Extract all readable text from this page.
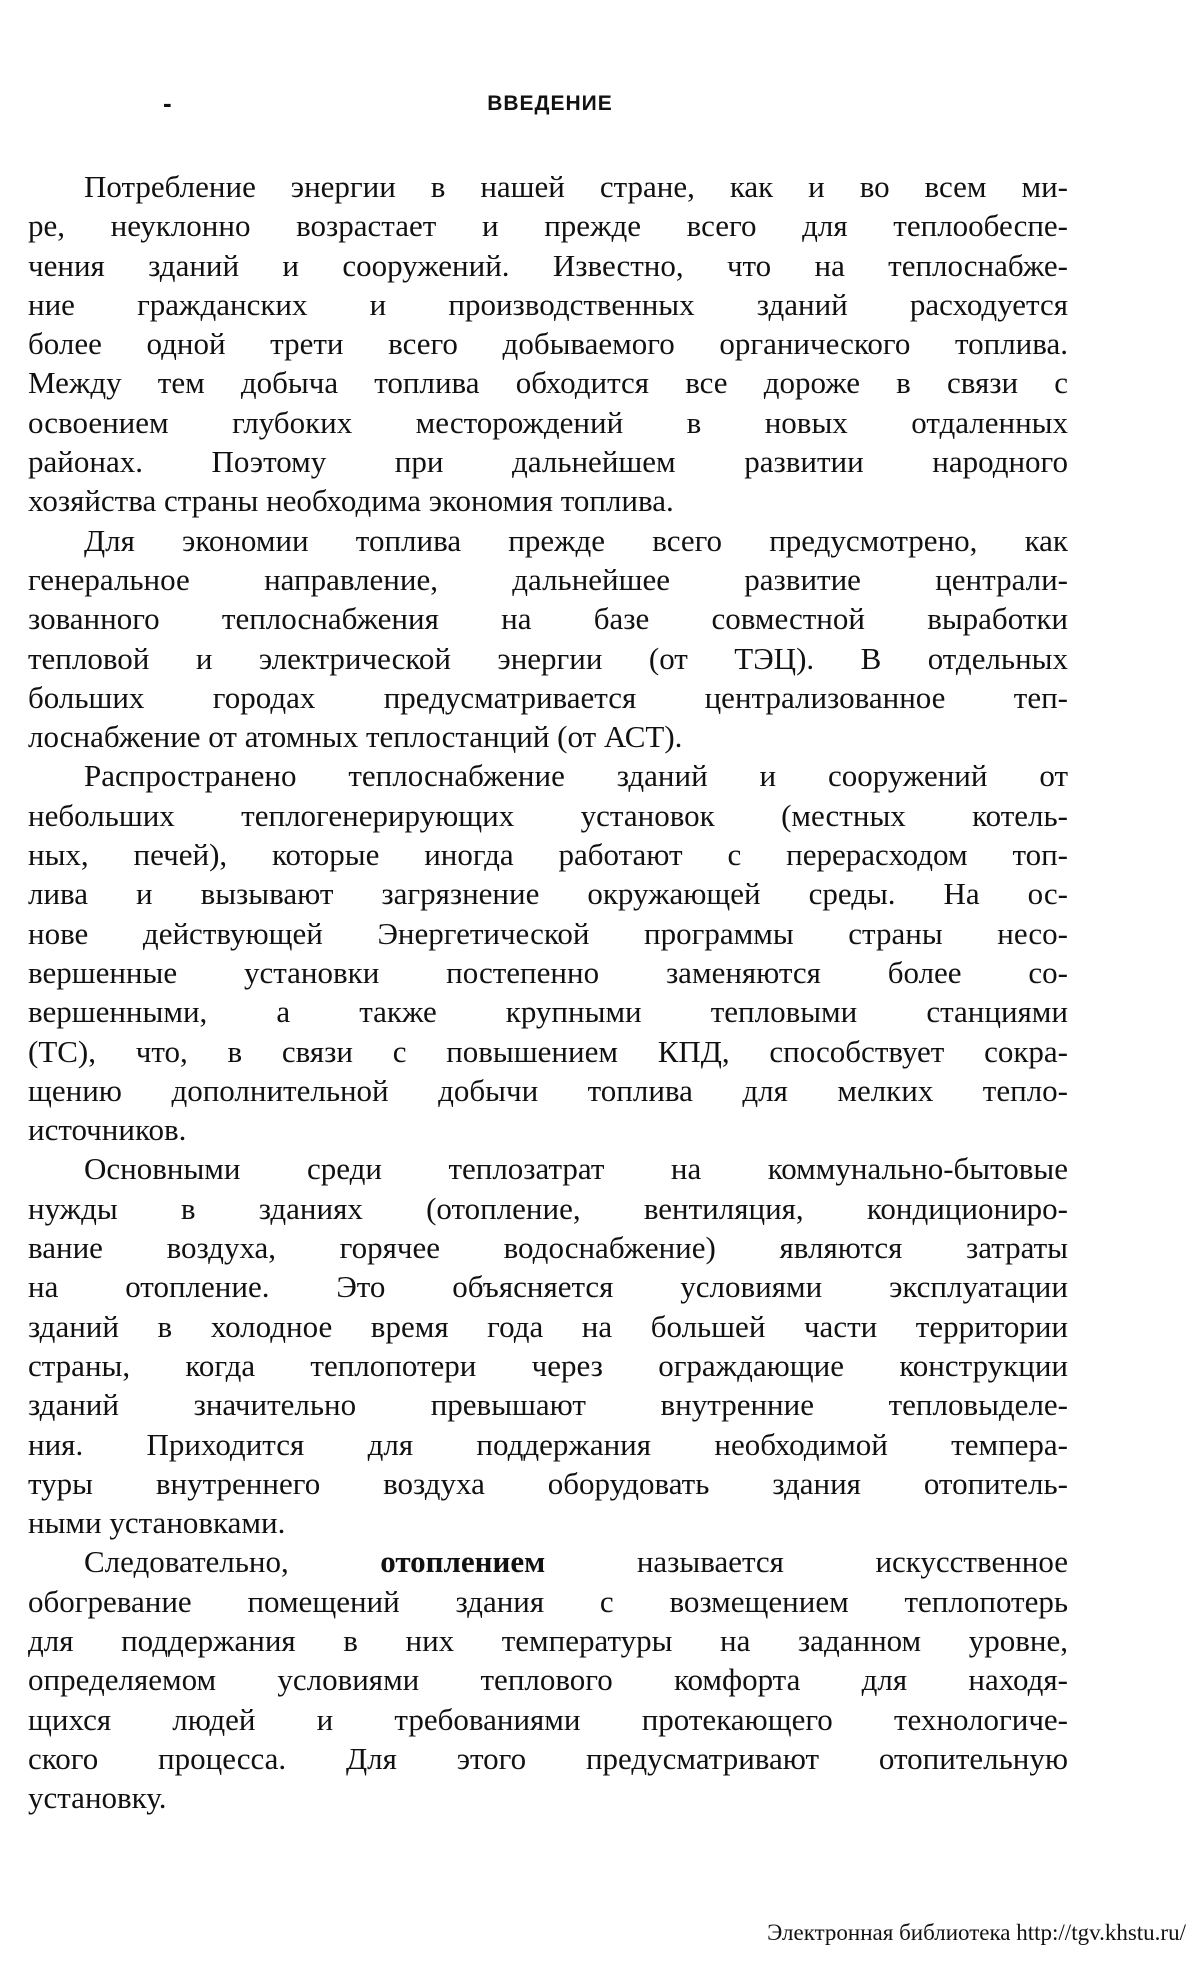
-	ВВЕДЕНИЕ
Потребление энергии в нашей стране, как и во всем ми-
ре, неуклонно возрастает и прежде всего для теплообеспе-
чения зданий и сооружений. Известно, что на теплоснабже-
ние гражданских и производственных зданий расходуется
более одной трети всего добываемого органического топлива.
Между тем добыча топлива обходится все дороже в связи с
освоением глубоких месторождений в новых отдаленных
районах. Поэтому при дальнейшем развитии народного
хозяйства страны необходима экономия топлива.
Для экономии топлива прежде всего предусмотрено, как
генеральное направление, дальнейшее развитие централи-
зованного теплоснабжения на базе совместной выработки
тепловой и электрической энергии (от ТЭЦ). В отдельных
больших городах предусматривается централизованное теп-
лоснабжение от атомных теплостанций (от АСТ).
Распространено теплоснабжение зданий и сооружений от
небольших теплогенерирующих установок (местных котель-
ных, печей), которые иногда работают с перерасходом топ-
лива и вызывают загрязнение окружающей среды. На ос-
нове действующей Энергетической программы страны несо-
вершенные установки постепенно заменяются более со-
вершенными, а также крупными тепловыми станциями
(ТС), что, в связи с повышением КПД, способствует сокра-
щению дополнительной добычи топлива для мелких тепло-
источников.
Основными среди теплозатрат на коммунально-бытовые
нужды в зданиях (отопление, вентиляция, кондициониро-
вание воздуха, горячее водоснабжение) являются затраты
на отопление. Это объясняется условиями эксплуатации
зданий в холодное время года на большей части территории
страны, когда теплопотери через ограждающие конструкции
зданий значительно превышают внутренние тепловыделе-
ния. Приходится для поддержания необходимой темпера-
туры внутреннего воздуха оборудовать здания отопитель-
ными установками.
Следовательно,	отоплением	называется искусственное
обогревание помещений здания с возмещением теплопотерь
для поддержания в них температуры на заданном уровне,
определяемом условиями теплового комфорта для находя-
щихся людей и требованиями протекающего технологиче-
ского процесса. Для этого предусматривают отопительную
установку.
Электронная библиотека http://tgv.khstu.ru/
